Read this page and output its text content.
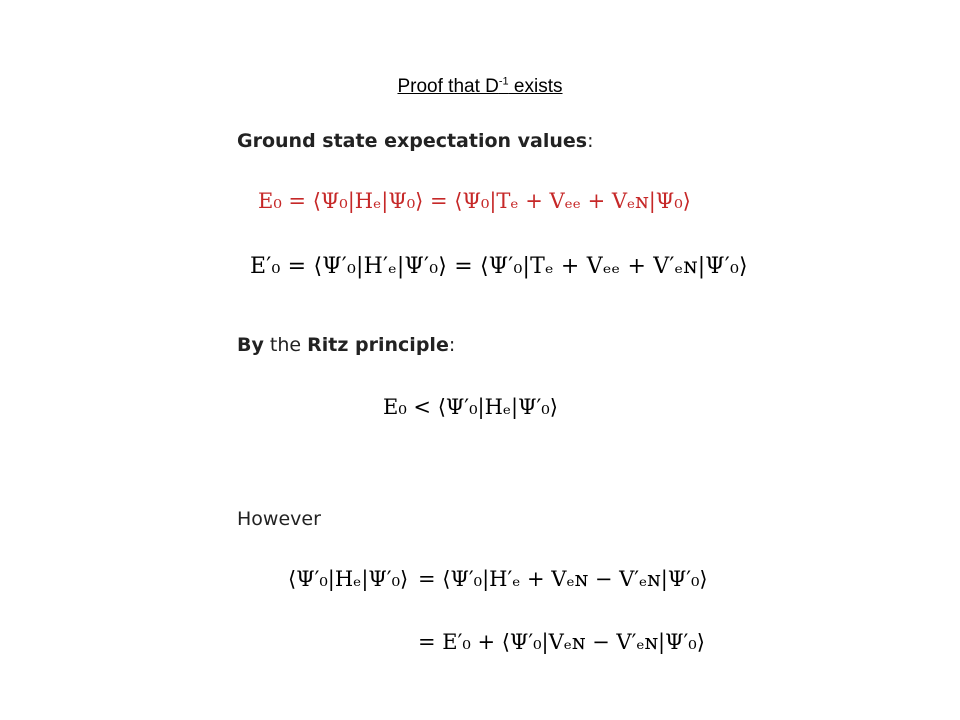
Proof that $D^{-1}$ exists
Ground state expectation values:
E₀ = ⟨Ψ₀|Hₑ|Ψ₀⟩ = ⟨Ψ₀|Tₑ + Vₑₑ + Vₑɴ|Ψ₀⟩
E′₀ = ⟨Ψ′₀|H′ₑ|Ψ′₀⟩ = ⟨Ψ′₀|Tₑ + Vₑₑ + V′ₑɴ|Ψ′₀⟩
By the Ritz principle:
E₀ < ⟨Ψ′₀|Hₑ|Ψ′₀⟩
However
⟨Ψ′₀|Hₑ|Ψ′₀⟩ = ⟨Ψ′₀|H′ₑ + Vₑɴ − V′ₑɴ|Ψ′₀⟩
= E′₀ + ⟨Ψ′₀|Vₑɴ − V′ₑɴ|Ψ′₀⟩
